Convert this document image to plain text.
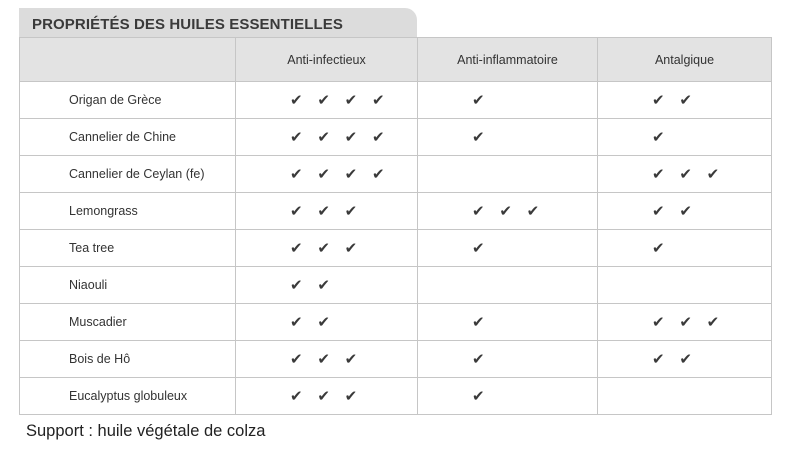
PROPRIÉTÉS DES HUILES ESSENTIELLES
	Anti-infectieux	Anti-inflammatoire	Antalgique
Origan de Grèce	✔ ✔ ✔ ✔	✔	✔ ✔
Cannelier de Chine	✔ ✔ ✔ ✔	✔	✔
Cannelier de Ceylan (fe)	✔ ✔ ✔ ✔		✔ ✔ ✔
Lemongrass	✔ ✔ ✔	✔ ✔ ✔	✔ ✔
Tea tree	✔ ✔ ✔	✔	✔
Niaouli	✔ ✔		
Muscadier	✔ ✔	✔	✔ ✔ ✔
Bois de Hô	✔ ✔ ✔	✔	✔ ✔
Eucalyptus globuleux	✔ ✔ ✔	✔	
Support : huile végétale de colza
